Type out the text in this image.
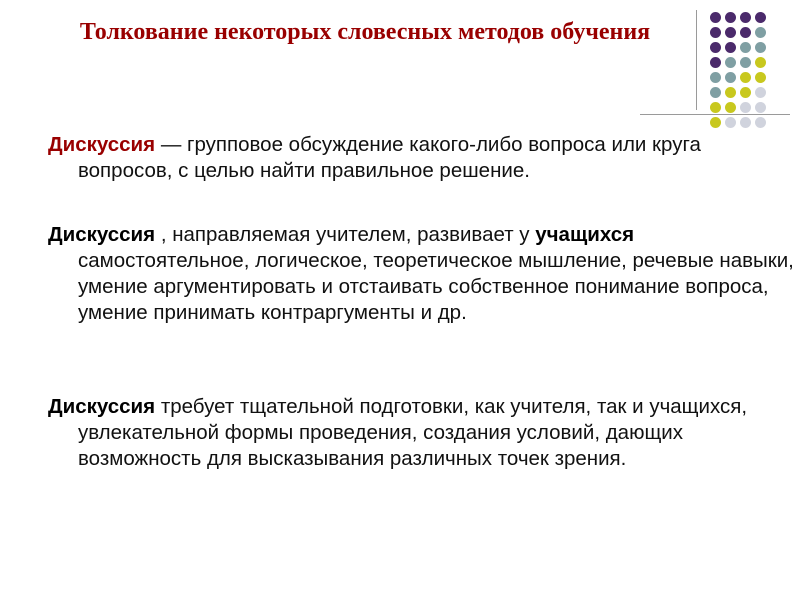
Толкование некоторых словесных методов обучения
Дискуссия — групповое обсуждение какого-либо вопроса или круга вопросов, с целью найти правильное решение.
Дискуссия , направляемая учителем, развивает у учащихся самостоятельное, логическое, теоретическое мышление, речевые навыки, умение аргументировать и отстаивать собственное понимание вопроса, умение принимать контраргументы и др.
Дискуссия требует тщательной подготовки, как учителя, так и учащихся, увлекательной формы проведения, создания условий, дающих возможность для высказывания различных точек зрения.
